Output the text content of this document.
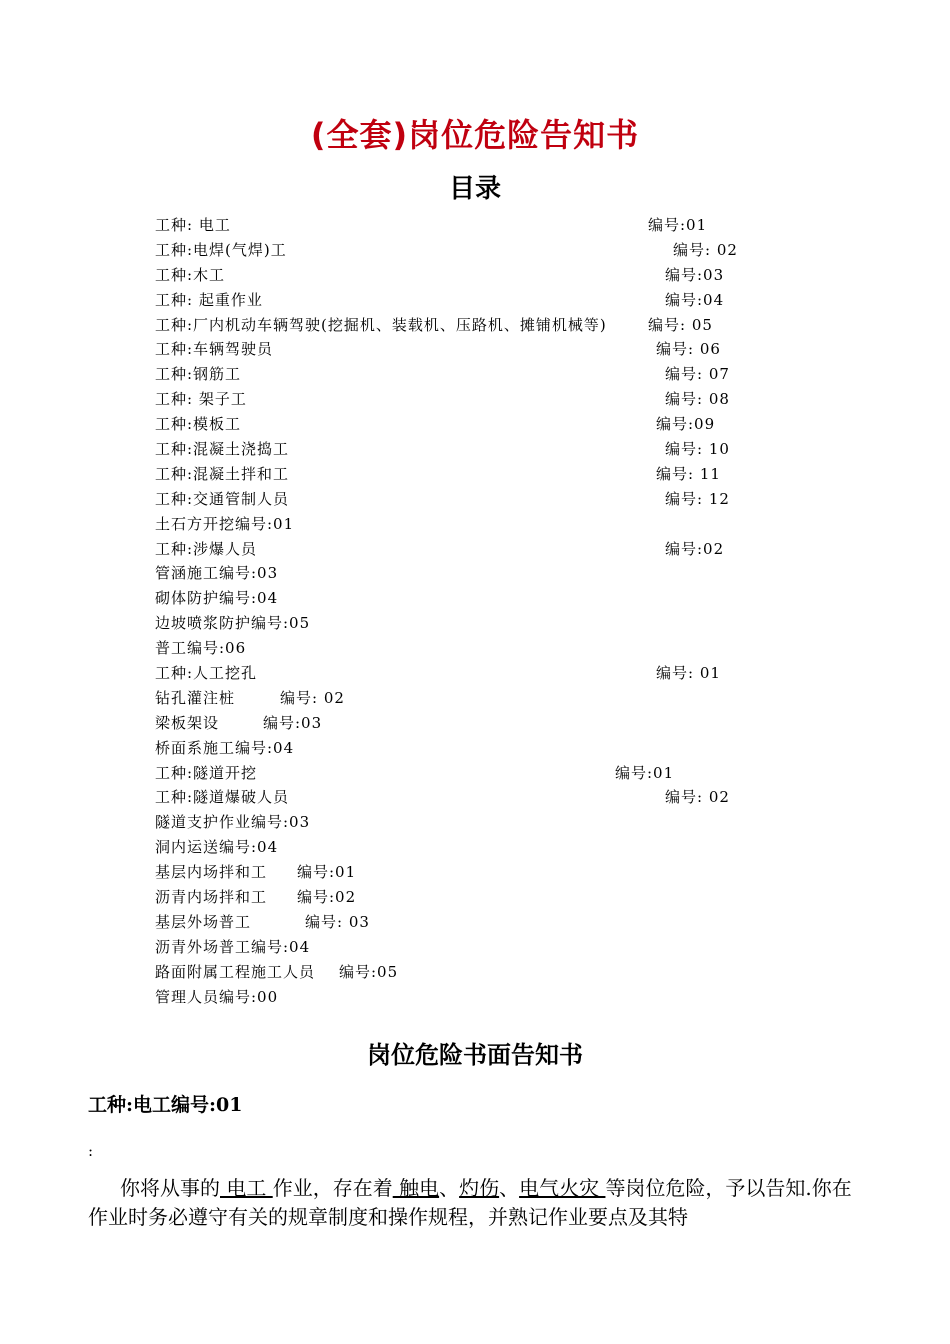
(全套)岗位危险告知书
目录
工种: 电工	编号:01
工种:电焊(气焊)工	编号: 02
工种:木工	编号:03
工种: 起重作业	编号:04
工种:厂内机动车辆驾驶(挖掘机、装载机、压路机、摊铺机械等)	编号: 05
工种:车辆驾驶员	编号: 06
工种:钢筋工	编号: 07
工种: 架子工	编号: 08
工种:模板工	编号:09
工种:混凝土浇捣工	编号: 10
工种:混凝土拌和工	编号: 11
工种:交通管制人员	编号: 12
土石方开挖编号:01
工种:涉爆人员	编号:02
管涵施工编号:03
砌体防护编号:04
边坡喷浆防护编号:05
普工编号:06
工种:人工挖孔	编号: 01
钻孔灌注桩	编号: 02
梁板架设	编号:03
桥面系施工编号:04
工种:隧道开挖	编号:01
工种:隧道爆破人员	编号: 02
隧道支护作业编号:03
洞内运送编号:04
基层内场拌和工 编号:01
沥青内场拌和工 编号:02
基层外场普工	编号: 03
沥青外场普工编号:04
路面附属工程施工人员 编号:05
管理人员编号:00
岗位危险书面告知书
工种:电工编号:01
:
你将从事的 电工 作业，存在着 触电、灼伤、电气火灾 等岗位危险，予以告知.你在作业时务必遵守有关的规章制度和操作规程，并熟记作业要点及其特
